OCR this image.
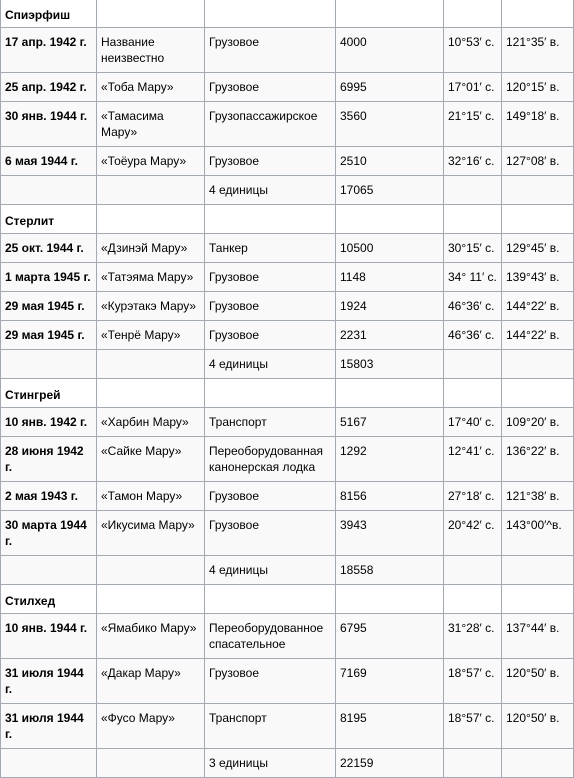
Спиэрфиш					
17 апр. 1942 г.	Название неизвестно	Грузовое	4000	10°53′ с.	121°35′ в.
25 апр. 1942 г.	«Тоба Мару»	Грузовое	6995	17°01′ с.	120°15′ в.
30 янв. 1944 г.	«Тамасима Мару»	Грузопассажирское	3560	21°15′ с.	149°18′ в.
6 мая 1944 г.	«Тоёура Мару»	Грузовое	2510	32°16′ с.	127°08′ в.
		4 единицы	17065		
Стерлит					
25 окт. 1944 г.	«Дзинэй Мару»	Танкер	10500	30°15′ с.	129°45′ в.
1 марта 1945 г.	«Татэяма Мару»	Грузовое	1148	34° 11′ с.	139°43′ в.
29 мая 1945 г.	«Курэтакэ Мару»	Грузовое	1924	46°36′ с.	144°22′ в.
29 мая 1945 г.	«Тенрё Мару»	Грузовое	2231	46°36′ с.	144°22′ в.
		4 единицы	15803		
Стингрей					
10 янв. 1942 г.	«Харбин Мару»	Транспорт	5167	17°40′ с.	109°20′ в.
28 июня 1942 г.	«Сайке Мару»	Переоборудованная канонерская лодка	1292	12°41′ с.	136°22′ в.
2 мая 1943 г.	«Тамон Мару»	Грузовое	8156	27°18′ с.	121°38′ в.
30 марта 1944 г.	«Икусима Мару»	Грузовое	3943	20°42′ с.	143°00′^в.
		4 единицы	18558		
Стилхед					
10 янв. 1944 г.	«Ямабико Мару»	Переоборудованное спасательное	6795	31°28′ с.	137°44′ в.
31 июля 1944 г.	«Дакар Мару»	Грузовое	7169	18°57′ с.	120°50′ в.
31 июля 1944 г.	«Фусо Мару»	Транспорт	8195	18°57′ с.	120°50′ в.
		3 единицы	22159		
